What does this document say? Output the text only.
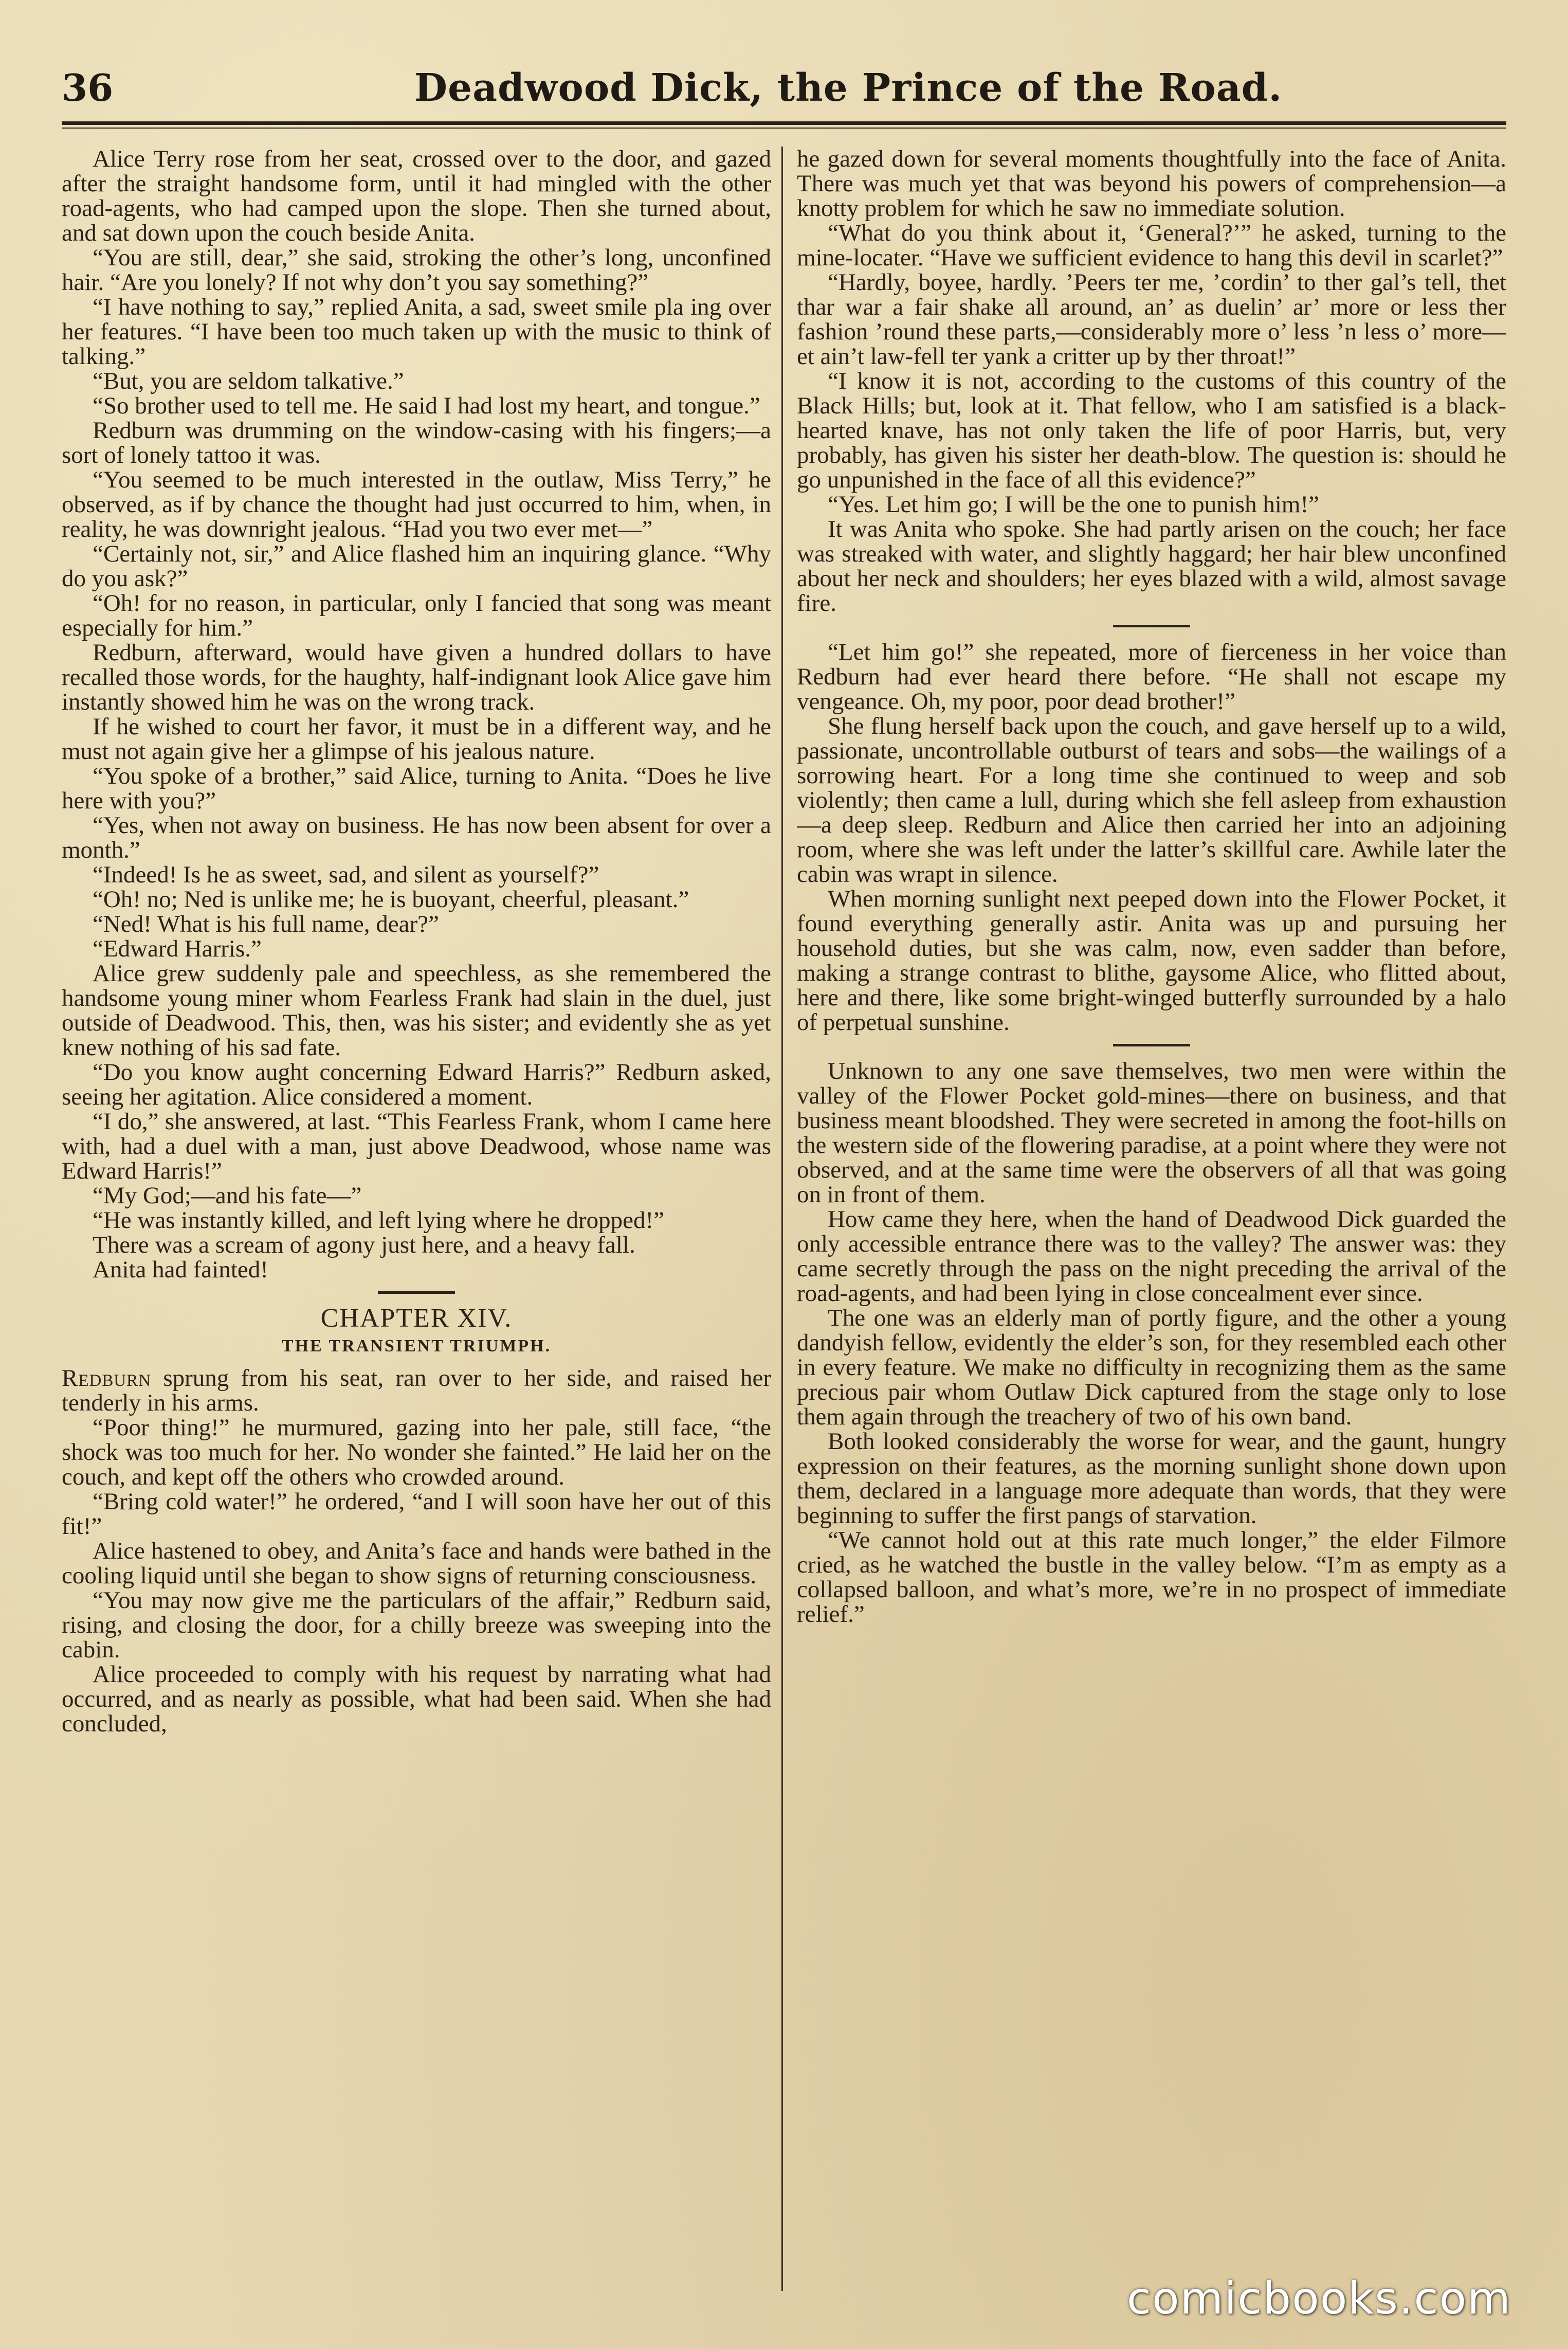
36	Deadwood Dick, the Prince of the Road.

Alice Terry rose from her seat, crossed over to the door, and gazed after the straight handsome form, until it had mingled with the other road-agents, who had camped upon the slope. Then she turned about, and sat down upon the couch beside Anita.

“You are still, dear,” she said, stroking the other’s long, unconfined hair. “Are you lonely? If not why don’t you say something?”

“I have nothing to say,” replied Anita, a sad, sweet smile pla ing over her features. “I have been too much taken up with the music to think of talking.”

“But, you are seldom talkative.”

“So brother used to tell me. He said I had lost my heart, and tongue.”

Redburn was drumming on the window-casing with his fingers;—a sort of lonely tattoo it was.

“You seemed to be much interested in the outlaw, Miss Terry,” he observed, as if by chance the thought had just occurred to him, when, in reality, he was downright jealous. “Had you two ever met—”

“Certainly not, sir,” and Alice flashed him an inquiring glance. “Why do you ask?”

“Oh! for no reason, in particular, only I fancied that song was meant especially for him.”

Redburn, afterward, would have given a hundred dollars to have recalled those words, for the haughty, half-indignant look Alice gave him instantly showed him he was on the wrong track.

If he wished to court her favor, it must be in a different way, and he must not again give her a glimpse of his jealous nature.

“You spoke of a brother,” said Alice, turning to Anita. “Does he live here with you?”

“Yes, when not away on business. He has now been absent for over a month.”

“Indeed! Is he as sweet, sad, and silent as yourself?”

“Oh! no; Ned is unlike me; he is buoyant, cheerful, pleasant.”

“Ned! What is his full name, dear?”

“Edward Harris.”

Alice grew suddenly pale and speechless, as she remembered the handsome young miner whom Fearless Frank had slain in the duel, just outside of Deadwood. This, then, was his sister; and evidently she as yet knew nothing of his sad fate.

“Do you know aught concerning Edward Harris?” Redburn asked, seeing her agitation. Alice considered a moment.

“I do,” she answered, at last. “This Fearless Frank, whom I came here with, had a duel with a man, just above Deadwood, whose name was Edward Harris!”

“My God;—and his fate—”

“He was instantly killed, and left lying where he dropped!”

There was a scream of agony just here, and a heavy fall.

Anita had fainted!

CHAPTER XIV.
THE TRANSIENT TRIUMPH.

Redburn sprung from his seat, ran over to her side, and raised her tenderly in his arms.

“Poor thing!” he murmured, gazing into her pale, still face, “the shock was too much for her. No wonder she fainted.” He laid her on the couch, and kept off the others who crowded around.

“Bring cold water!” he ordered, “and I will soon have her out of this fit!”

Alice hastened to obey, and Anita’s face and hands were bathed in the cooling liquid until she began to show signs of returning consciousness.

“You may now give me the particulars of the affair,” Redburn said, rising, and closing the door, for a chilly breeze was sweeping into the cabin.

Alice proceeded to comply with his request by narrating what had occurred, and as nearly as possible, what had been said. When she had concluded,

he gazed down for several moments thoughtfully into the face of Anita. There was much yet that was beyond his powers of comprehension—a knotty problem for which he saw no immediate solution.

“What do you think about it, ‘General?’” he asked, turning to the mine-locater. “Have we sufficient evidence to hang this devil in scarlet?”

“Hardly, boyee, hardly. ’Peers ter me, ’cordin’ to ther gal’s tell, thet thar war a fair shake all around, an’ as duelin’ ar’ more or less ther fashion ’round these parts,—considerably more o’ less ’n less o’ more—et ain’t law-fell ter yank a critter up by ther throat!”

“I know it is not, according to the customs of this country of the Black Hills; but, look at it. That fellow, who I am satisfied is a black-hearted knave, has not only taken the life of poor Harris, but, very probably, has given his sister her death-blow. The question is: should he go unpunished in the face of all this evidence?”

“Yes. Let him go; I will be the one to punish him!”

It was Anita who spoke. She had partly arisen on the couch; her face was streaked with water, and slightly haggard; her hair blew unconfined about her neck and shoulders; her eyes blazed with a wild, almost savage fire.

“Let him go!” she repeated, more of fierceness in her voice than Redburn had ever heard there before. “He shall not escape my vengeance. Oh, my poor, poor dead brother!”

She flung herself back upon the couch, and gave herself up to a wild, passionate, uncontrollable outburst of tears and sobs—the wailings of a sorrowing heart. For a long time she continued to weep and sob violently; then came a lull, during which she fell asleep from exhaustion—a deep sleep. Redburn and Alice then carried her into an adjoining room, where she was left under the latter’s skillful care. Awhile later the cabin was wrapt in silence.

When morning sunlight next peeped down into the Flower Pocket, it found everything generally astir. Anita was up and pursuing her household duties, but she was calm, now, even sadder than before, making a strange contrast to blithe, gaysome Alice, who flitted about, here and there, like some bright-winged butterfly surrounded by a halo of perpetual sunshine.

Unknown to any one save themselves, two men were within the valley of the Flower Pocket gold-mines—there on business, and that business meant bloodshed. They were secreted in among the foot-hills on the western side of the flowering paradise, at a point where they were not observed, and at the same time were the observers of all that was going on in front of them.

How came they here, when the hand of Deadwood Dick guarded the only accessible entrance there was to the valley? The answer was: they came secretly through the pass on the night preceding the arrival of the road-agents, and had been lying in close concealment ever since.

The one was an elderly man of portly figure, and the other a young dandyish fellow, evidently the elder’s son, for they resembled each other in every feature. We make no difficulty in recognizing them as the same precious pair whom Outlaw Dick captured from the stage only to lose them again through the treachery of two of his own band.

Both looked considerably the worse for wear, and the gaunt, hungry expression on their features, as the morning sunlight shone down upon them, declared in a language more adequate than words, that they were beginning to suffer the first pangs of starvation.

“We cannot hold out at this rate much longer,” the elder Filmore cried, as he watched the bustle in the valley below. “I’m as empty as a collapsed balloon, and what’s more, we’re in no prospect of immediate relief.”

comicbooks.com
